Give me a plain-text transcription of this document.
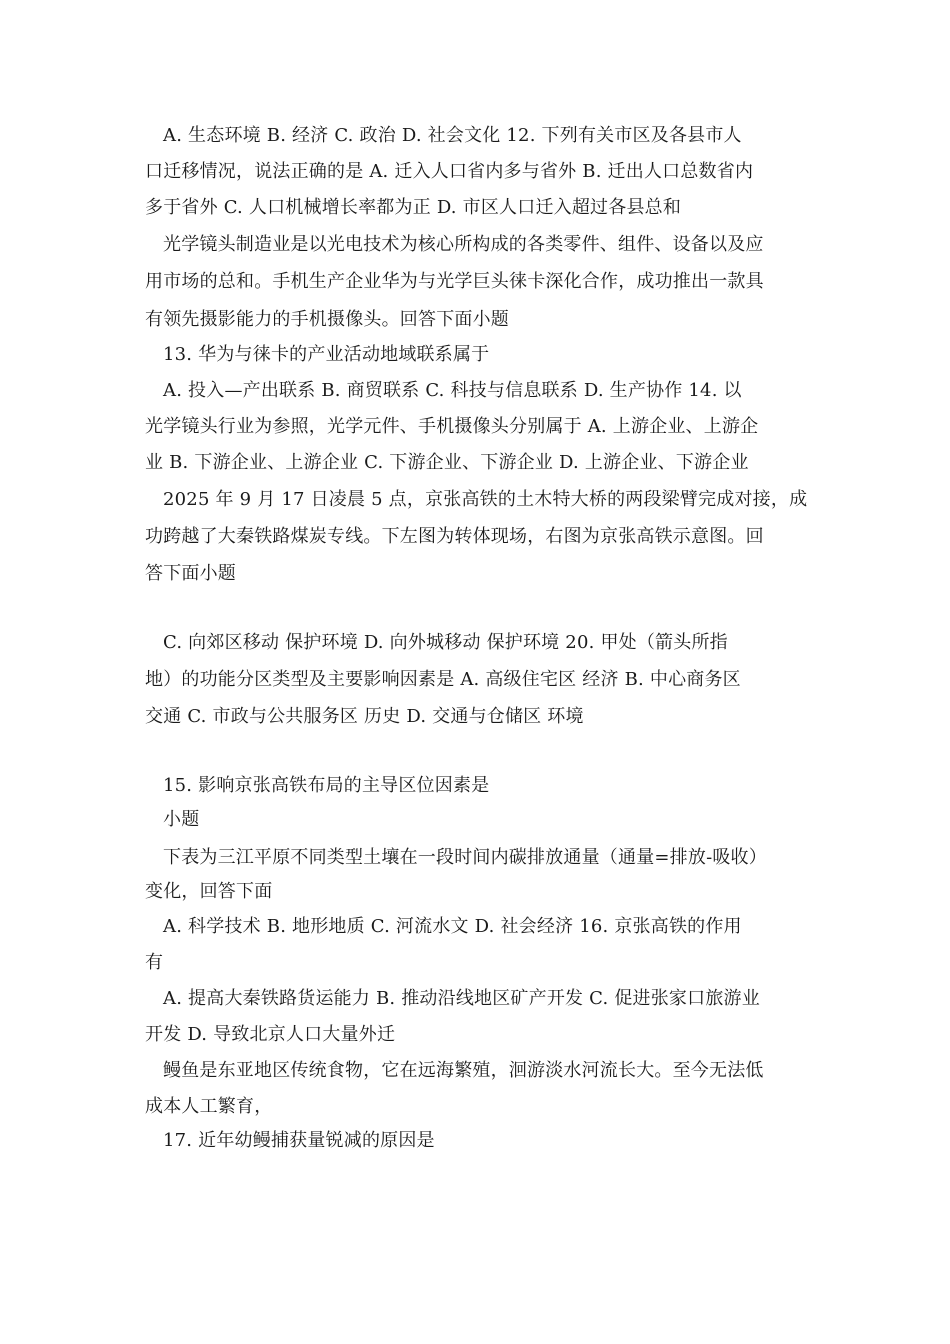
A. 生态环境 B. 经济 C. 政治 D. 社会文化 12. 下列有关市区及各县市人
口迁移情况，说法正确的是 A. 迁入人口省内多与省外 B. 迁出人口总数省内
多于省外 C. 人口机械增长率都为正 D. 市区人口迁入超过各县总和
光学镜头制造业是以光电技术为核心所构成的各类零件、组件、设备以及应
用市场的总和。手机生产企业华为与光学巨头徕卡深化合作，成功推出一款具
有领先摄影能力的手机摄像头。回答下面小题
13. 华为与徕卡的产业活动地域联系属于
A. 投入—产出联系 B. 商贸联系 C. 科技与信息联系 D. 生产协作 14. 以
光学镜头行业为参照，光学元件、手机摄像头分别属于 A. 上游企业、上游企
业 B. 下游企业、上游企业 C. 下游企业、下游企业 D. 上游企业、下游企业
2025 年 9 月 17 日凌晨 5 点，京张高铁的土木特大桥的两段梁臂完成对接，成
功跨越了大秦铁路煤炭专线。下左图为转体现场，右图为京张高铁示意图。回
答下面小题
C. 向郊区移动 保护环境 D. 向外城移动 保护环境 20. 甲处（箭头所指
地）的功能分区类型及主要影响因素是 A. 高级住宅区 经济 B. 中心商务区
交通 C. 市政与公共服务区 历史 D. 交通与仓储区 环境
15. 影响京张高铁布局的主导区位因素是
小题
下表为三江平原不同类型土壤在一段时间内碳排放通量（通量=排放-吸收）
变化，回答下面
A. 科学技术 B. 地形地质 C. 河流水文 D. 社会经济 16. 京张高铁的作用
有
A. 提高大秦铁路货运能力 B. 推动沿线地区矿产开发 C. 促进张家口旅游业
开发 D. 导致北京人口大量外迁
鳗鱼是东亚地区传统食物，它在远海繁殖，洄游淡水河流长大。至今无法低
成本人工繁育，
17. 近年幼鳗捕获量锐减的原因是
